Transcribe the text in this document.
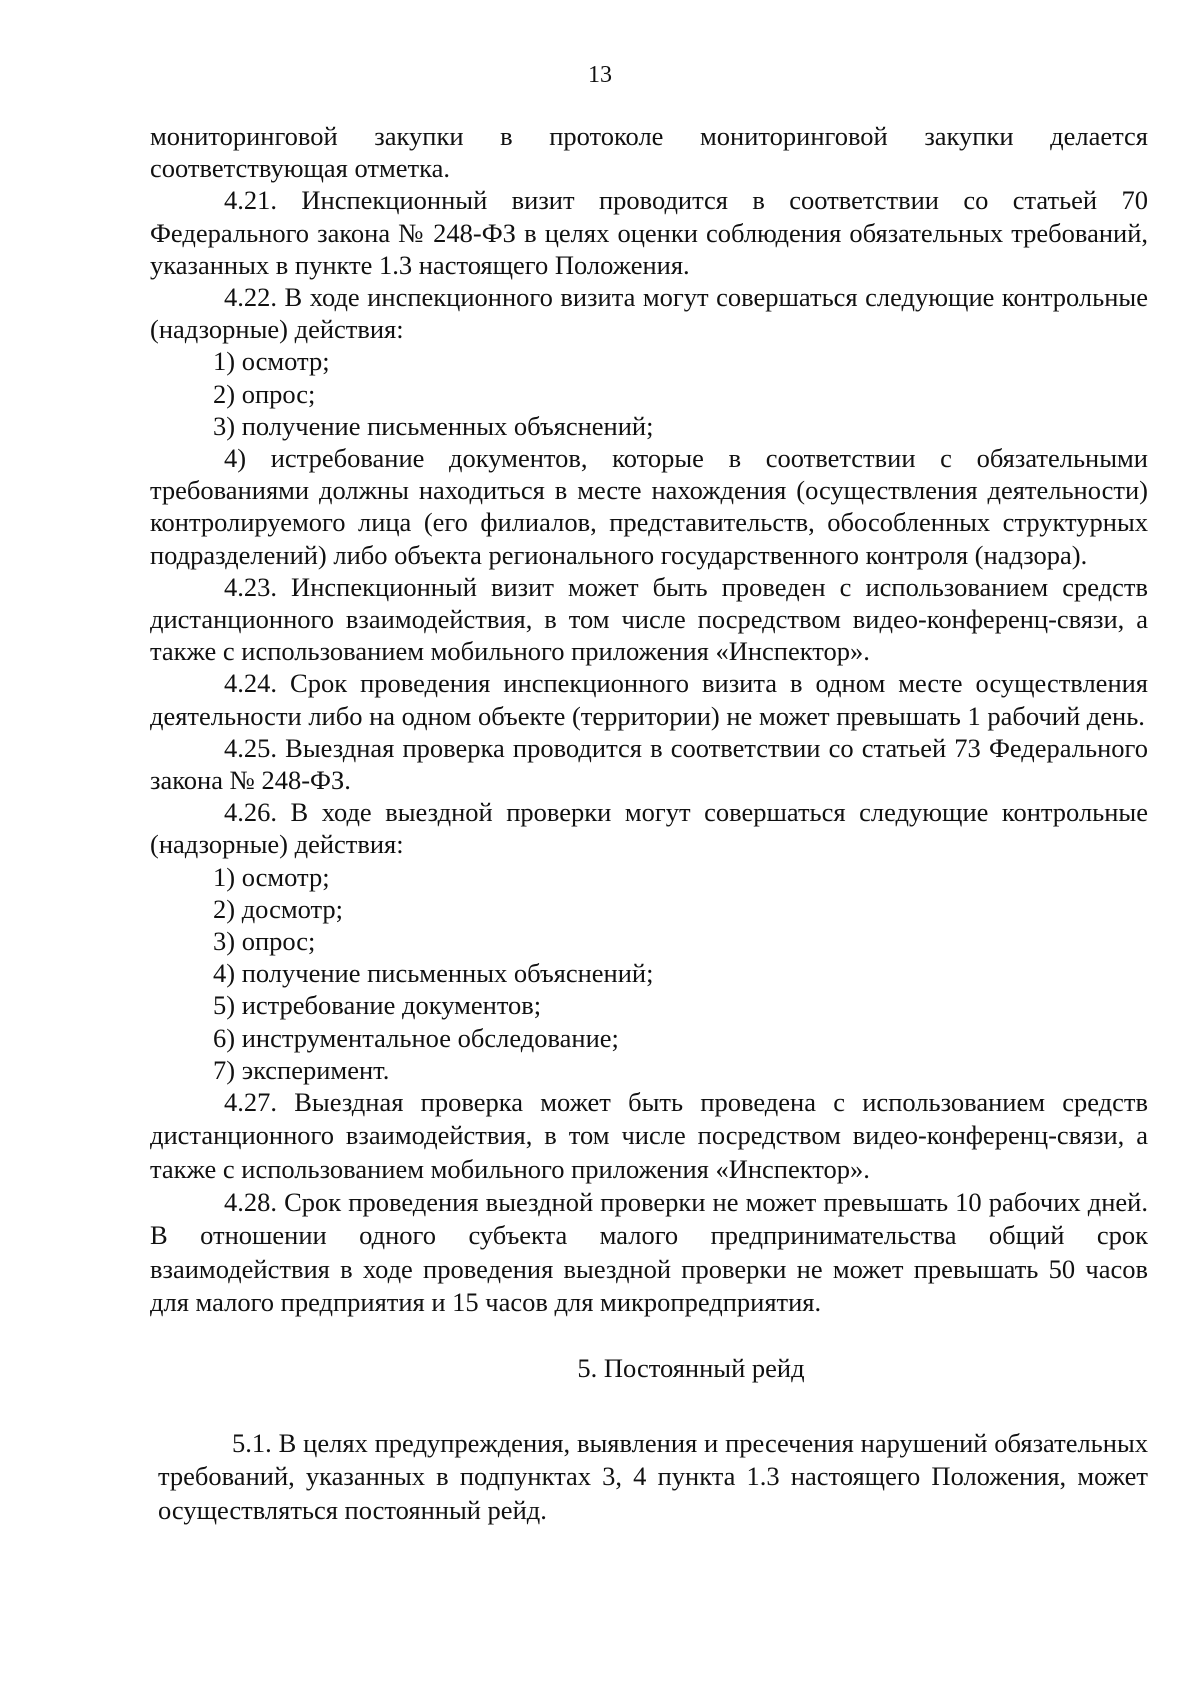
13

мониторинговой закупки в протоколе мониторинговой закупки делается соответствующая отметка.

4.21. Инспекционный визит проводится в соответствии со статьей 70 Федерального закона № 248-ФЗ в целях оценки соблюдения обязательных требований, указанных в пункте 1.3 настоящего Положения.

4.22. В ходе инспекционного визита могут совершаться следующие контрольные (надзорные) действия:

1) осмотр;

2) опрос;

3) получение письменных объяснений;

4) истребование документов, которые в соответствии с обязательными требованиями должны находиться в месте нахождения (осуществления деятельности) контролируемого лица (его филиалов, представительств, обособленных структурных подразделений) либо объекта регионального государственного контроля (надзора).

4.23. Инспекционный визит может быть проведен с использованием средств дистанционного взаимодействия, в том числе посредством видео-конференц-связи, а также с использованием мобильного приложения «Инспектор».

4.24. Срок проведения инспекционного визита в одном месте осуществления деятельности либо на одном объекте (территории) не может превышать 1 рабочий день.

4.25. Выездная проверка проводится в соответствии со статьей 73 Федерального закона № 248-ФЗ.

4.26. В ходе выездной проверки могут совершаться следующие контрольные (надзорные) действия:

1) осмотр;

2) досмотр;

3) опрос;

4) получение письменных объяснений;

5) истребование документов;

6) инструментальное обследование;

7) эксперимент.

4.27. Выездная проверка может быть проведена с использованием средств дистанционного взаимодействия, в том числе посредством видео-конференц-связи, а также с использованием мобильного приложения «Инспектор».

4.28. Срок проведения выездной проверки не может превышать 10 рабочих дней. В отношении одного субъекта малого предпринимательства общий срок взаимодействия в ходе проведения выездной проверки не может превышать 50 часов для малого предприятия и 15 часов для микропредприятия.

5. Постоянный рейд

5.1. В целях предупреждения, выявления и пресечения нарушений обязательных требований, указанных в подпунктах 3, 4 пункта 1.3 настоящего Положения, может осуществляться постоянный рейд.
